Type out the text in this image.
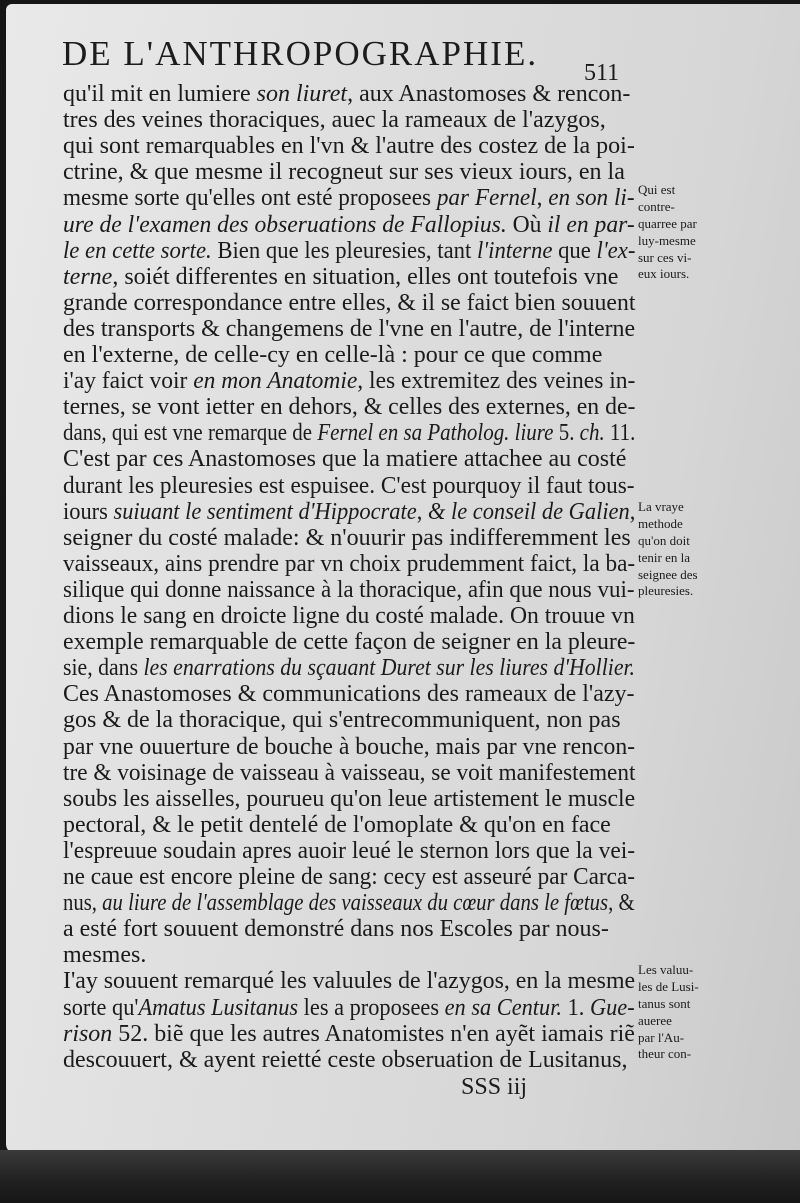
DE L'ANTHROPOGRAPHIE.	511
qu'il mit en lumiere son liuret, aux Anastomoses & rencon-
tres des veines thoraciques, auec la rameaux de l'azygos,
qui sont remarquables en l'vn & l'autre des costez de la poi-
ctrine, & que mesme il recogneut sur ses vieux iours, en la
mesme sorte qu'elles ont esté proposees par Fernel, en son li-
ure de l'examen des obseruations de Fallopius. Où il en par-
le en cette sorte. Bien que les pleuresies, tant l'interne que l'ex-
terne, soiét differentes en situation, elles ont toutefois vne
grande correspondance entre elles, & il se faict bien souuent
des transports & changemens de l'vne en l'autre, de l'interne
en l'externe, de celle-cy en celle-là : pour ce que comme
i'ay faict voir en mon Anatomie, les extremitez des veines in-
ternes, se vont ietter en dehors, & celles des externes, en de-
dans, qui est vne remarque de Fernel en sa Patholog. liure 5. ch. 11.
C'est par ces Anastomoses que la matiere attachee au costé
durant les pleuresies est espuisee. C'est pourquoy il faut tous-
iours suiuant le sentiment d'Hippocrate, & le conseil de Galien,
seigner du costé malade: & n'ouurir pas indifferemment les
vaisseaux, ains prendre par vn choix prudemment faict, la ba-
silique qui donne naissance à la thoracique, afin que nous vui-
dions le sang en droicte ligne du costé malade. On trouue vn
exemple remarquable de cette façon de seigner en la pleure-
sie, dans les enarrations du sçauant Duret sur les liures d'Hollier.
Ces Anastomoses & communications des rameaux de l'azy-
gos & de la thoracique, qui s'entrecommuniquent, non pas
par vne ouuerture de bouche à bouche, mais par vne rencon-
tre & voisinage de vaisseau à vaisseau, se voit manifestement
soubs les aisselles, pourueu qu'on leue artistement le muscle
pectoral, & le petit dentelé de l'omoplate & qu'on en face
l'espreuue soudain apres auoir leué le sternon lors que la vei-
ne caue est encore pleine de sang: cecy est asseuré par Carca-
nus, au liure de l'assemblage des vaisseaux du cœur dans le fœtus, &
a esté fort souuent demonstré dans nos Escoles par nous-
mesmes.
I'ay souuent remarqué les valuules de l'azygos, en la mesme
sorte qu'Amatus Lusitanus les a proposees en sa Centur. 1. Gue-
rison 52. biẽ que les autres Anatomistes n'en ayẽt iamais riẽ
descouuert, & ayent reietté ceste obseruation de Lusitanus,
Qui est
contre-
quarree par
luy-mesme
sur ces vi-
eux iours.
La vraye
methode
qu'on doit
tenir en la
seignee des
pleuresies.
Les valuu-
les de Lusi-
tanus sont
aueree
par l'Au-
theur con-
SSS iij
